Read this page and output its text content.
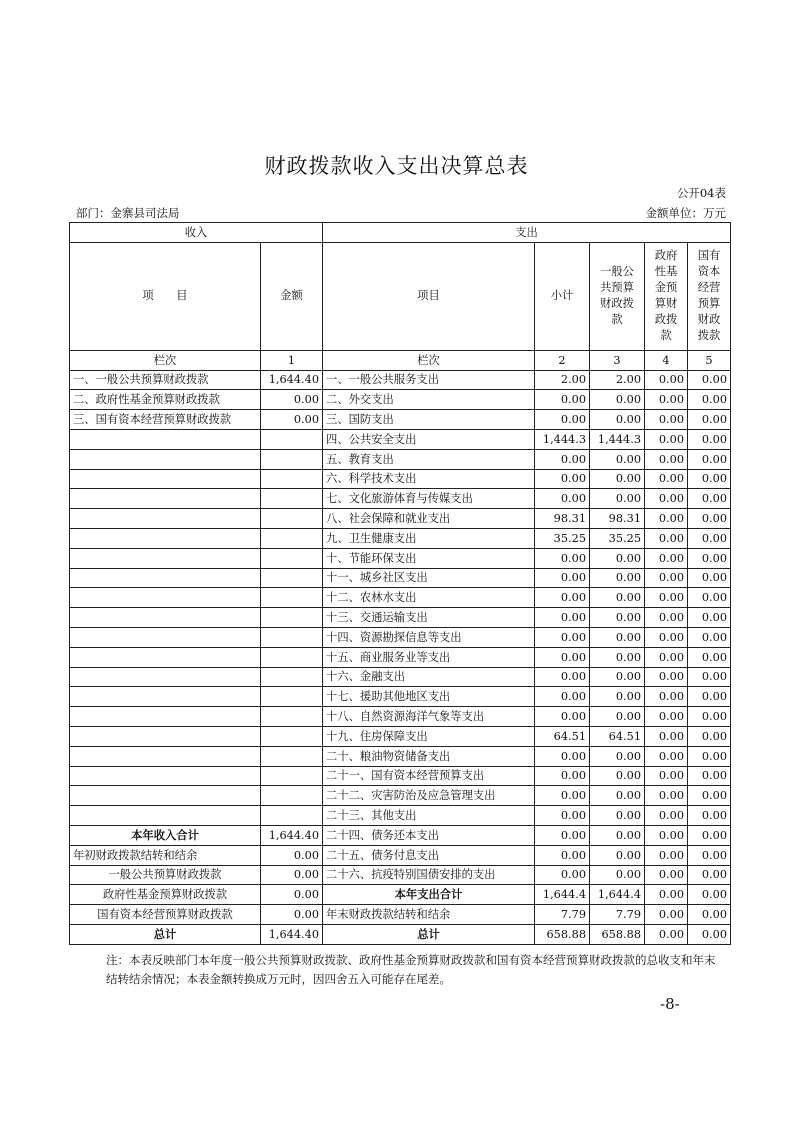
财政拨款收入支出决算总表
公开04表
部门：金寨县司法局	金额单位：万元
收入		支出				
项　　目	金额	项目	小计	一般公共预算财政拨款	政府性基金预算财政拨款	国有资本经营预算财政拨款
栏次	1	栏次	2	3	4	5
一、一般公共预算财政拨款	1,644.40	一、一般公共服务支出	2.00	2.00	0.00	0.00
二、政府性基金预算财政拨款	0.00	二、外交支出	0.00	0.00	0.00	0.00
三、国有资本经营预算财政拨款	0.00	三、国防支出	0.00	0.00	0.00	0.00
		四、公共安全支出	1,444.3	1,444.3	0.00	0.00
		五、教育支出	0.00	0.00	0.00	0.00
		六、科学技术支出	0.00	0.00	0.00	0.00
		七、文化旅游体育与传媒支出	0.00	0.00	0.00	0.00
		八、社会保障和就业支出	98.31	98.31	0.00	0.00
		九、卫生健康支出	35.25	35.25	0.00	0.00
		十、节能环保支出	0.00	0.00	0.00	0.00
		十一、城乡社区支出	0.00	0.00	0.00	0.00
		十二、农林水支出	0.00	0.00	0.00	0.00
		十三、交通运输支出	0.00	0.00	0.00	0.00
		十四、资源勘探信息等支出	0.00	0.00	0.00	0.00
		十五、商业服务业等支出	0.00	0.00	0.00	0.00
		十六、金融支出	0.00	0.00	0.00	0.00
		十七、援助其他地区支出	0.00	0.00	0.00	0.00
		十八、自然资源海洋气象等支出	0.00	0.00	0.00	0.00
		十九、住房保障支出	64.51	64.51	0.00	0.00
		二十、粮油物资储备支出	0.00	0.00	0.00	0.00
		二十一、国有资本经营预算支出	0.00	0.00	0.00	0.00
		二十二、灾害防治及应急管理支出	0.00	0.00	0.00	0.00
		二十三、其他支出	0.00	0.00	0.00	0.00
本年收入合计	1,644.40	二十四、债务还本支出	0.00	0.00	0.00	0.00
年初财政拨款结转和结余	0.00	二十五、债务付息支出	0.00	0.00	0.00	0.00
一般公共预算财政拨款	0.00	二十六、抗疫特别国债安排的支出	0.00	0.00	0.00	0.00
政府性基金预算财政拨款	0.00	本年支出合计	1,644.4	1,644.4	0.00	0.00
国有资本经营预算财政拨款	0.00	年末财政拨款结转和结余	7.79	7.79	0.00	0.00
总计	1,644.40	总计	658.88	658.88	0.00	0.00
注：本表反映部门本年度一般公共预算财政拨款、政府性基金预算财政拨款和国有资本经营预算财政拨款的总收支和年末结转结余情况；本表金额转换成万元时，因四舍五入可能存在尾差。
-8-
